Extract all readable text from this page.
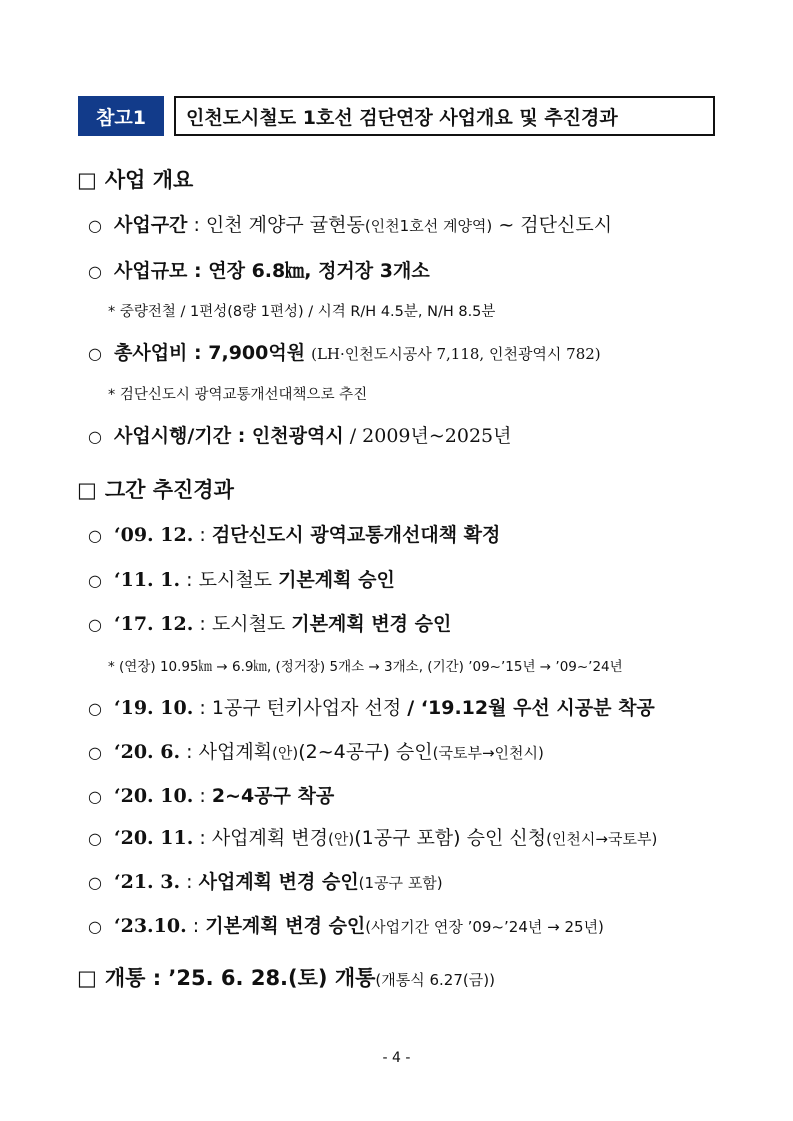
참고1	인천도시철도 1호선 검단연장 사업개요 및 추진경과
□ 사업 개요
○ 사업구간 : 인천 계양구 귤현동(인천1호선 계양역) ~ 검단신도시
○ 사업규모 : 연장 6.8㎞, 정거장 3개소
* 중량전철 / 1편성(8량 1편성) / 시격 R/H 4.5분, N/H 8.5분
○ 총사업비 : 7,900억원 (LH·인천도시공사 7,118, 인천광역시 782)
* 검단신도시 광역교통개선대책으로 추진
○ 사업시행/기간 : 인천광역시 / 2009년~2025년
□ 그간 추진경과
○ ‘09. 12. : 검단신도시 광역교통개선대책 확정
○ ‘11. 1. : 도시철도 기본계획 승인
○ ‘17. 12. : 도시철도 기본계획 변경 승인
* (연장) 10.95㎞ → 6.9㎞, (정거장) 5개소 → 3개소, (기간) ’09~’15년 → ’09~’24년
○ ‘19. 10. : 1공구 턴키사업자 선정 / ‘19.12월 우선 시공분 착공
○ ‘20. 6. : 사업계획(안)(2~4공구) 승인(국토부→인천시)
○ ‘20. 10. : 2~4공구 착공
○ ‘20. 11. : 사업계획 변경(안)(1공구 포함) 승인 신청(인천시→국토부)
○ ‘21. 3. : 사업계획 변경 승인(1공구 포함)
○ ‘23.10. : 기본계획 변경 승인(사업기간 연장 ’09~’24년 → 25년)
□ 개통 : ’25. 6. 28.(토) 개통(개통식 6.27(금))
- 4 -
